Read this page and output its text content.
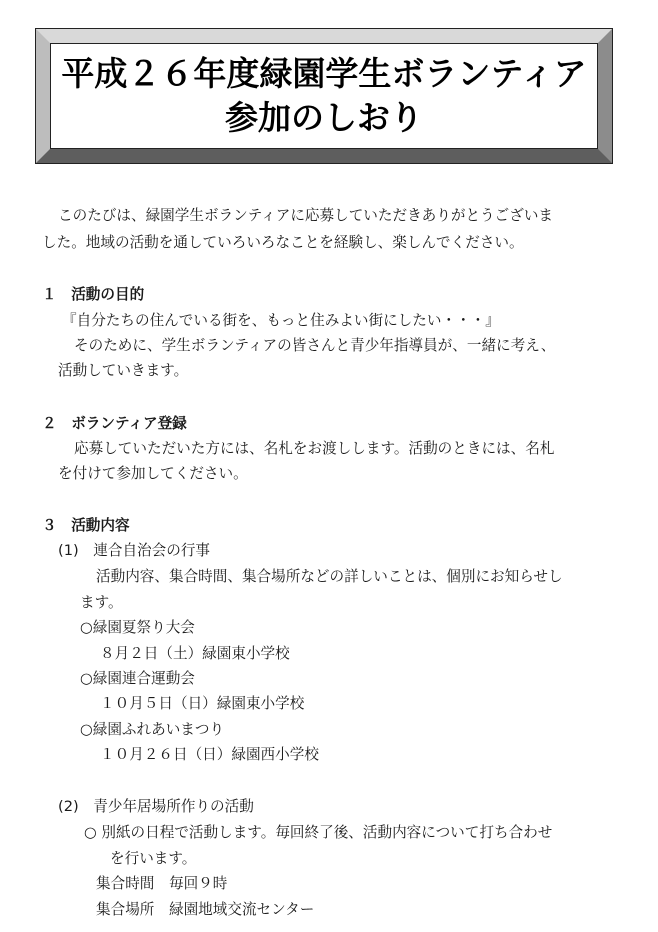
平成２６年度緑園学生ボランティア
参加のしおり
このたびは、緑園学生ボランティアに応募していただきありがとうございま
した。地域の活動を通していろいろなことを経験し、楽しんでください。
１　活動の目的
『自分たちの住んでいる街を、もっと住みよい街にしたい・・・』
そのために、学生ボランティアの皆さんと青少年指導員が、一緒に考え、
活動していきます。
２　ボランティア登録
応募していただいた方には、名札をお渡しします。活動のときには、名札
を付けて参加してください。
３　活動内容
(1)　連合自治会の行事
活動内容、集合時間、集合場所などの詳しいことは、個別にお知らせし
ます。
○緑園夏祭り大会
８月２日（土）緑園東小学校
○緑園連合運動会
１０月５日（日）緑園東小学校
○緑園ふれあいまつり
１０月２６日（日）緑園西小学校
(2)　青少年居場所作りの活動
○ 別紙の日程で活動します。毎回終了後、活動内容について打ち合わせ
を行います。
集合時間　毎回９時
集合場所　緑園地域交流センター
